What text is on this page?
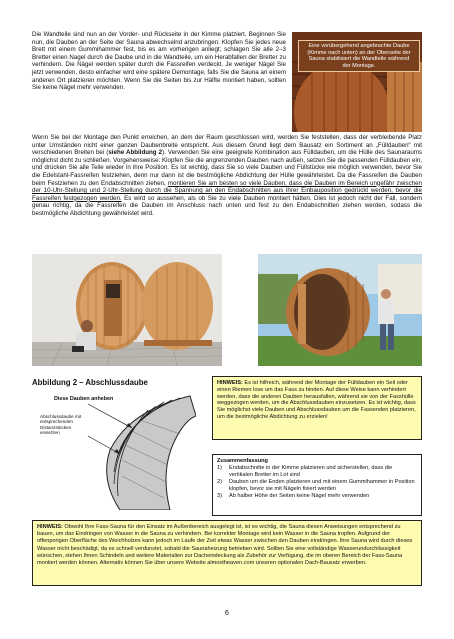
Die Wandteile sind nun an der Vorder- und Rückseite in der Kimme platziert. Beginnen Sie nun, die Dauben an der Seite der Sauna abwechselnd anzubringen. Klopfen Sie jedes neue Brett mit einem Gummihammer fest, bis es am vorherigen anliegt; schlagen Sie alle 2–3 Bretter einen Nagel durch die Daube und in die Wandteile, um ein Herabfallen der Bretter zu verhindern. Die Nägel werden später durch die Fassreifen verdeckt. Je weniger Nägel Sie jetzt verwenden, desto einfacher wird eine spätere Demontage, falls Sie die Sauna an einem anderen Ort platzieren möchten. Wenn Sie die Seiten bis zur Hälfte montiert haben, sollten Sie keine Nägel mehr verwenden.

Eine vorübergehend angebrachte Daube (Kimme nach unten) an der Oberseite der Sauna stabilisiert die Wandteile während der Montage.

Wenn Sie bei der Montage den Punkt erreichen, an dem der Raum geschlossen wird, werden Sie feststellen, dass der verbleibende Platz unter Umständen nicht einer ganzen Daubenbreite entspricht. Aus diesem Grund liegt dem Bausatz ein Sortiment an „Fülldauben“ mit verschiedenen Breiten bei (siehe Abbildung 2). Verwenden Sie eine geeignete Kombination aus Fülldauben, um die Hülle des Saunaraums möglichst dicht zu schließen. Vorgehensweise: Klopfen Sie die angrenzenden Dauben nach außen, setzen Sie die passenden Fülldauben ein, und drücken Sie alle Teile wieder in ihre Position. Es ist wichtig, dass Sie so viele Dauben und Füllstücke wie möglich verwenden, bevor Sie die Edelstahl-Fassreifen festziehen, denn nur dann ist die bestmögliche Abdichtung der Hülle gewährleistet. Da die Fassreifen die Dauben beim Festziehen zu den Endabschnitten ziehen, montieren Sie am besten so viele Dauben, dass die Dauben im Bereich ungefähr zwischen der 10-Uhr-Stellung und 2-Uhr-Stellung durch die Spannung an den Endabschnitten aus ihrer Einbauposition gedrückt werden, bevor die Fassreifen festgezogen werden. Es wird so aussehen, als ob Sie zu viele Dauben montiert hätten. Dies ist jedoch nicht der Fall, sondern genau richtig, da die Fassreifen die Dauben im Anschluss nach unten und fest zu den Endabschnitten ziehen werden, sodass die bestmögliche Abdichtung gewährleistet wird.

Abbildung 2 – Abschlussdaube
Diese Dauben anheben
Abschlussdaube mit entsprechenden Distanzstücken einsetzen
HINWEIS: Es ist hilfreich, während der Montage der Fülldauben ein Seil oder einen Riemen lose um das Fass zu binden. Auf diese Weise kann verhindert werden, dass die anderen Dauben herausfallen, während sie von der Fasshülle weggezogen werden, um die Abschlussdauben einzusetzen. Es ist wichtig, dass Sie möglichst viele Dauben und Abschlussdauben um die Fassenden platzieren, um die bestmögliche Abdichtung zu erzielen!
Zusammenfassung
1)	Endabschnitte in der Kimme platzieren und sicherstellen, dass die vertikalen Bretter im Lot sind
2)	Dauben um die Enden platzieren und mit einem Gummihammer in Position klopfen, bevor sie mit Nägeln fixiert werden
3)	Ab halber Höhe der Seiten keine Nägel mehr verwenden
HINWEIS: Obwohl Ihre Fass-Sauna für den Einsatz im Außenbereich ausgelegt ist, ist es wichtig, die Sauna diesen Anweisungen entsprechend zu bauen, um das Eindringen von Wasser in die Sauna zu verhindern. Bei korrekter Montage wird kein Wasser in die Sauna tropfen. Aufgrund der offenporigen Oberfläche des Weichholzes kann jedoch im Laufe der Zeit etwas Wasser zwischen den Dauben eindringen. Ihre Sauna wird durch dieses Wasser nicht beschädigt, da es schnell verdunstet, sobald die Saunaheizung betrieben wird. Sollten Sie eine vollständige Wasserundurchlässigkeit wünschen, stehen Ihnen Schindeln und weitere Materialien zur Dacheindeckung als Zubehör zur Verfügung, die im oberen Bereich der Fass-Sauna montiert werden können. Alternativ können Sie über unsere Website almostheaven.com unseren optionalen Dach-Bausatz erwerben.
6
